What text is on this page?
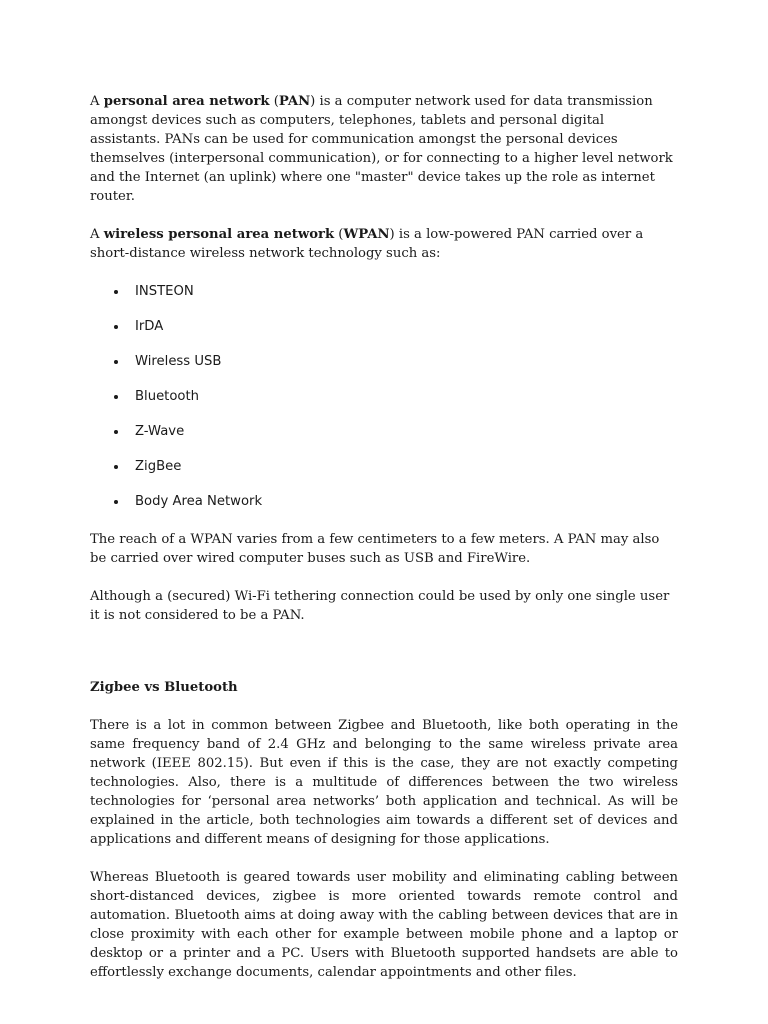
A personal area network (PAN) is a computer network used for data transmission amongst devices such as computers, telephones, tablets and personal digital assistants. PANs can be used for communication amongst the personal devices themselves (interpersonal communication), or for connecting to a higher level network and the Internet (an uplink) where one "master" device takes up the role as internet router.

A wireless personal area network (WPAN) is a low-powered PAN carried over a short-distance wireless network technology such as:

INSTEON
IrDA
Wireless USB
Bluetooth
Z-Wave
ZigBee
Body Area Network

The reach of a WPAN varies from a few centimeters to a few meters. A PAN may also be carried over wired computer buses such as USB and FireWire.

Although a (secured) Wi-Fi tethering connection could be used by only one single user it is not considered to be a PAN.

Zigbee vs Bluetooth

There is a lot in common between Zigbee and Bluetooth, like both operating in the same frequency band of 2.4 GHz and belonging to the same wireless private area network (IEEE 802.15). But even if this is the case, they are not exactly competing technologies. Also, there is a multitude of differences between the two wireless technologies for ‘personal area networks’ both application and technical. As will be explained in the article, both technologies aim towards a different set of devices and applications and different means of designing for those applications.

Whereas Bluetooth is geared towards user mobility and eliminating cabling between short-distanced devices, zigbee is more oriented towards remote control and automation. Bluetooth aims at doing away with the cabling between devices that are in close proximity with each other for example between mobile phone and a laptop or desktop or a printer and a PC. Users with Bluetooth supported handsets are able to effortlessly exchange documents, calendar appointments and other files.
